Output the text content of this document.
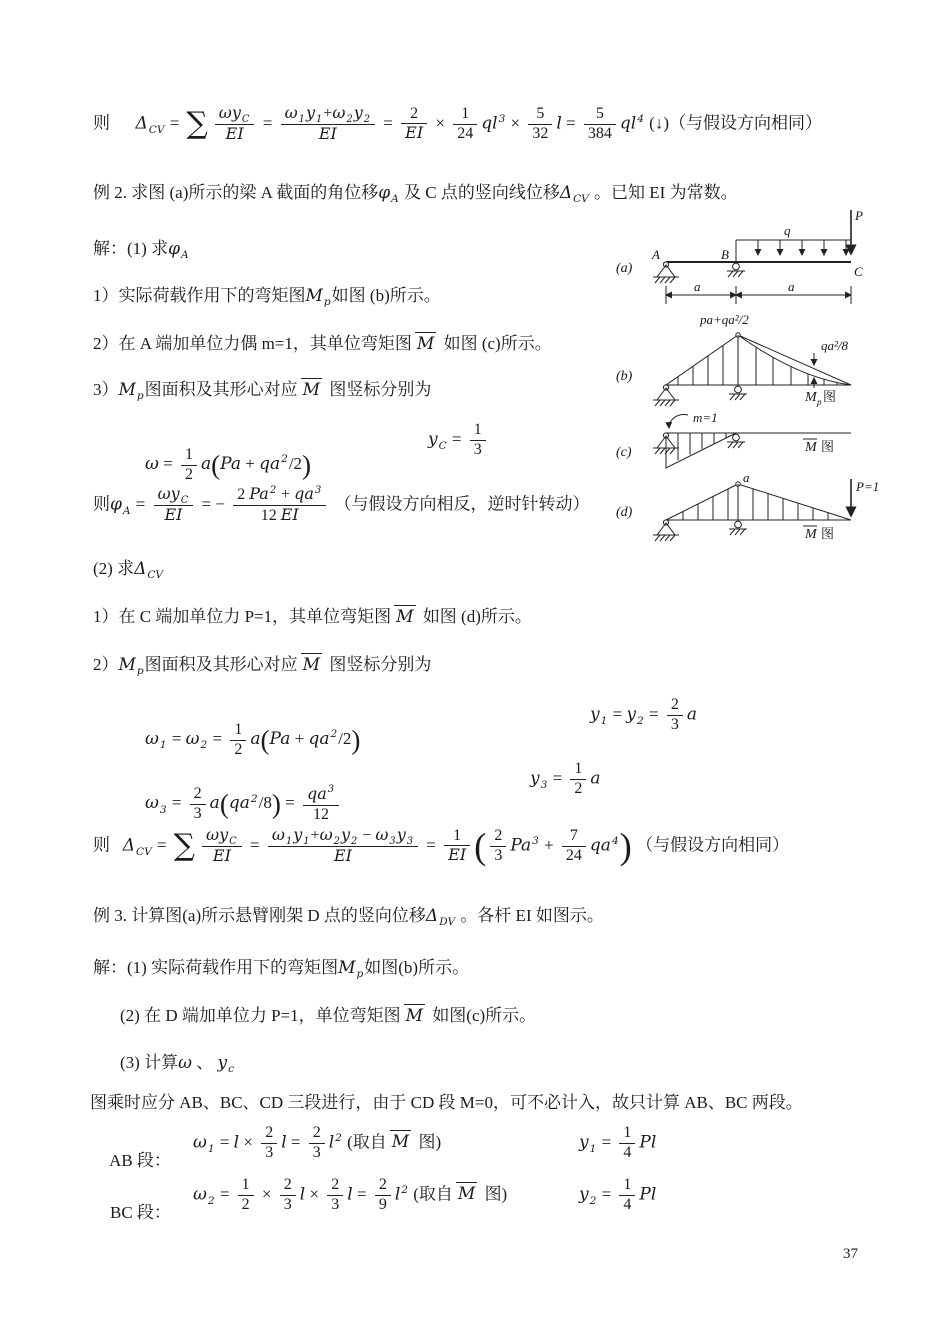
则      $\Delta_{CV}$ = ∑ $\frac{\omega y_C}{EI} = \frac{\omega_1y_1+\omega_2y_2}{EI} = \frac{2}{EI} \times \frac{1}{24} ql^3 \times \frac{5}{32}$ $l = \frac{5}{384} ql^4$ (↓)（与假设方向相同）
例 2. 求图 (a)所示的梁 A 截面的角位移$\varphi_A$ 及 C 点的竖向线位移$\Delta_{CV}$ 。已知 EI 为常数。
解：(1) 求$\varphi_A$
1）实际荷载作用下的弯矩图$M_p$如图 (b)所示。
2）在 A 端加单位力偶 m=1，其单位弯矩图 M 如图 (c)所示。
$3)M_p$图面积及其形心对应 M 图竖标分别为

$\omega = \frac{1}{2} a(Pa + qa^2/2)$

$y_C = \frac{1}{3}$

则$\varphi_A = \frac{\omega y_C}{EI}$ = − $\frac{2 Pa^2 + qa^3}{12 EI}$ （与假设方向相反，逆时针转动）
(2) 求$\Delta_{CV}$
1）在 C 端加单位力 P=1，其单位弯矩图 M 如图 (d)所示。
$2)M_p$图面积及其形心对应 M 图竖标分别为

$\omega_1 = \omega_2 = \frac{1}{2} a(Pa + qa^2/2)$

$y_1 = y_2 = \frac{2}{3}$ a

$\omega_3 = \frac{2}{3} a(qa^2/8) = \frac{qa^3}{12}$

$y_3 = \frac{1}{2}$ a

则   $\Delta_{CV}$ = ∑ $\frac{\omega y_C}{EI} = \frac{\omega_1y_1+\omega_2y_2 - \omega_3y_3}{EI} = \frac{1}{EI}$ ( $\frac{2}{3} Pa^3 + \frac{7}{24} qa^4$) （与假设方向相同）
例 3. 计算图(a)所示悬臂刚架 D 点的竖向位移$\Delta_{DV}$ 。各杆 EI 如图示。
解：(1) 实际荷载作用下的弯矩图$M_p$如图(b)所示。
(2) 在 D 端加单位力 P=1，单位弯矩图 M 如图(c)所示。
(3) 计算ω 、 $y_c$
图乘时应分 AB、BC、CD 三段进行，由于 CD 段 M=0，可不必计入，故只计算 AB、BC 两段。

AB 段：

$\omega_1 = l \times \frac{2}{3}$ $l = \frac{2}{3} l^2$ (取自 M 图)

	$y_1 = \frac{1}{4}$ Pl

BC 段：

$\omega_2 = \frac{1}{2} \times \frac{2}{3}$ $l \times \frac{2}{3}$ $l = \frac{2}{9} l^2$ (取自 M 图)

	$y_2 = \frac{1}{4}$ Pl

37
(a)
A	B
C
q
P
a	a
(b)
pa+qa²/2
qa²/8
M p 图
(c)
m=1
M 图
(d)
a
P=1
M 图
